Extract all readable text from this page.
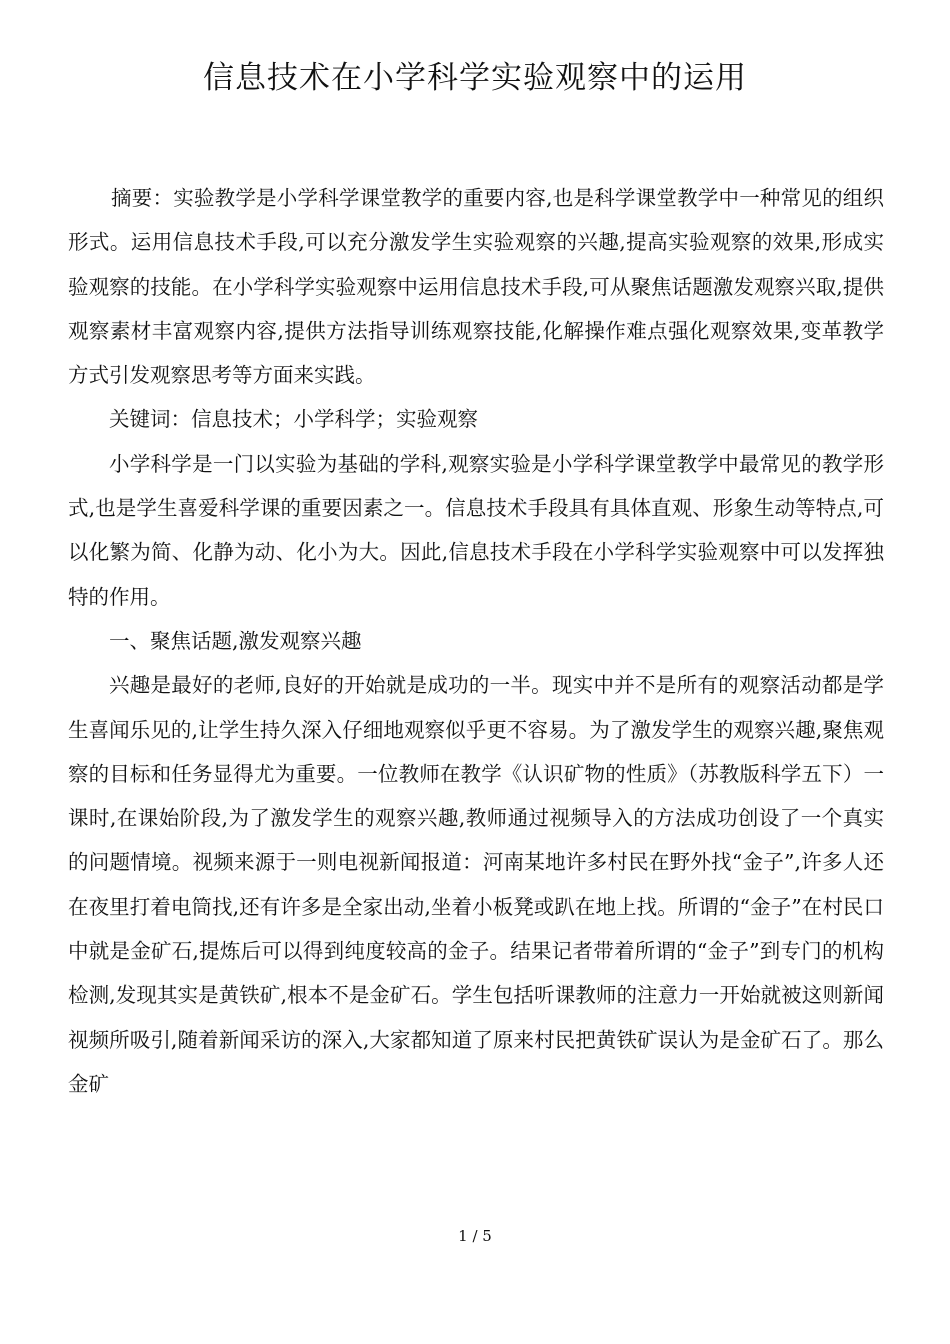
信息技术在小学科学实验观察中的运用

摘要：实验教学是小学科学课堂教学的重要内容,也是科学课堂教学中一种常见的组织形式。运用信息技术手段,可以充分激发学生实验观察的兴趣,提高实验观察的效果,形成实验观察的技能。在小学科学实验观察中运用信息技术手段,可从聚焦话题激发观察兴取,提供观察素材丰富观察内容,提供方法指导训练观察技能,化解操作难点强化观察效果,变革教学方式引发观察思考等方面来实践。

关键词：信息技术；小学科学；实验观察

小学科学是一门以实验为基础的学科,观察实验是小学科学课堂教学中最常见的教学形式,也是学生喜爱科学课的重要因素之一。信息技术手段具有具体直观、形象生动等特点,可以化繁为简、化静为动、化小为大。因此,信息技术手段在小学科学实验观察中可以发挥独特的作用。

一、聚焦话题,激发观察兴趣

兴趣是最好的老师,良好的开始就是成功的一半。现实中并不是所有的观察活动都是学生喜闻乐见的,让学生持久深入仔细地观察似乎更不容易。为了激发学生的观察兴趣,聚焦观察的目标和任务显得尤为重要。一位教师在教学《认识矿物的性质》（苏教版科学五下）一课时,在课始阶段,为了激发学生的观察兴趣,教师通过视频导入的方法成功创设了一个真实的问题情境。视频来源于一则电视新闻报道：河南某地许多村民在野外找“金子”,许多人还在夜里打着电筒找,还有许多是全家出动,坐着小板凳或趴在地上找。所谓的“金子”在村民口中就是金矿石,提炼后可以得到纯度较高的金子。结果记者带着所谓的“金子”到专门的机构检测,发现其实是黄铁矿,根本不是金矿石。学生包括听课教师的注意力一开始就被这则新闻视频所吸引,随着新闻采访的深入,大家都知道了原来村民把黄铁矿误认为是金矿石了。那么金矿

1 / 5
